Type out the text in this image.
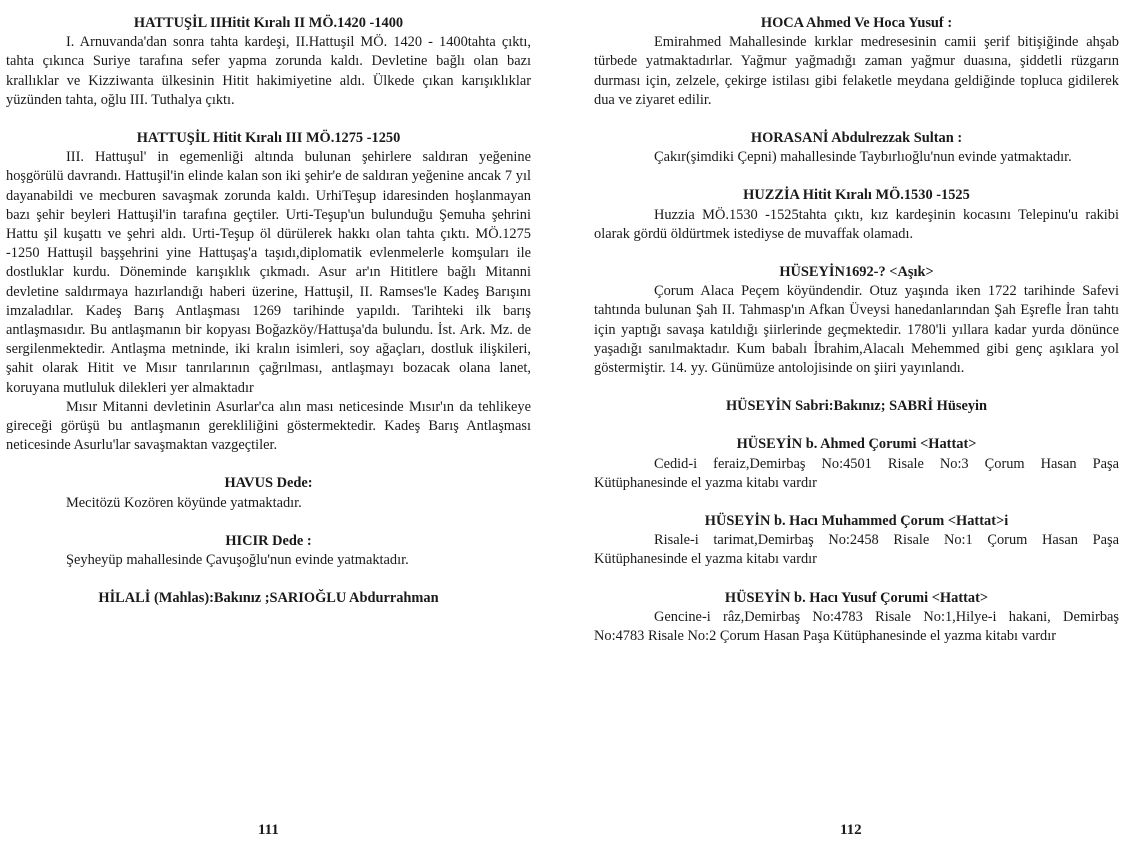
HATTUŞİL IIHitit Kıralı II MÖ.1420 -1400

I. Arnuvanda'dan sonra tahta kardeşi, II.Hattuşil MÖ. 1420 - 1400tahta çıktı, tahta çıkınca Suriye tarafına sefer yapma zorunda kaldı. Devletine bağlı olan bazı krallıklar ve Kizziwanta ülkesinin Hitit hakimiyetine aldı. Ülkede çıkan karışıklıklar yüzünden tahta, oğlu III. Tuthalya çıktı.

HATTUŞİL Hitit Kıralı III MÖ.1275 -1250

III. Hattuşul' in egemenliği altında bulunan şehirlere saldıran yeğenine hoşgörülü davrandı. Hattuşil'in elinde kalan son iki şehir'e de saldıran yeğenine ancak 7 yıl dayanabildi ve mecburen savaşmak zorunda kaldı. UrhiTeşup idaresinden hoşlanmayan bazı şehir beyleri Hattuşil'in tarafına geçtiler. Urti-Teşup'un bulunduğu Şemuha şehrini Hattu şil kuşattı ve şehri aldı. Urti-Teşup öl dürülerek hakkı olan tahta çıktı. MÖ.1275 -1250 Hattuşil başşehrini yine Hattuşaş'a taşıdı,diplomatik evlenmelerle komşuları ile dostluklar kurdu. Döneminde karışıklık çıkmadı. Asur ar'ın Hititlere bağlı Mitanni devletine saldırmaya hazırlandığı haberi üzerine, Hattuşil, II. Ramses'le Kadeş Barışını imzaladılar. Kadeş Barış Antlaşması 1269 tarihinde yapıldı. Tarihteki ilk barış antlaşmasıdır. Bu antlaşmanın bir kopyası Boğazköy/Hattuşa'da bulundu. İst. Ark. Mz. de sergilenmektedir. Antlaşma metninde, iki kralın isimleri, soy ağaçları, dostluk ilişkileri, şahit olarak Hitit ve Mısır tanrılarının çağrılması, antlaşmayı bozacak olana lanet, koruyana mutluluk dilekleri yer almaktadır

Mısır Mitanni devletinin Asurlar'ca alın ması neticesinde Mısır'ın da tehlikeye gireceği görüşü bu antlaşmanın gerekliliğini göstermektedir. Kadeş Barış Antlaşması neticesinde Asurlu'lar savaşmaktan vazgeçtiler.

HAVUS Dede:

Mecitözü Kozören köyünde yatmaktadır.

HICIR Dede :

Şeyheyüp mahallesinde Çavuşoğlu'nun evinde yatmaktadır.

HİLALİ (Mahlas):Bakınız ;SARIOĞLU Abdurrahman

HOCA Ahmed Ve Hoca Yusuf :

Emirahmed Mahallesinde kırklar medresesinin camii şerif bitişiğinde ahşab türbede yatmaktadırlar. Yağmur yağmadığı zaman yağmur duasına, şiddetli rüzgarın durması için, zelzele, çekirge istilası gibi felaketle meydana geldiğinde topluca gidilerek dua ve ziyaret edilir.

HORASANİ Abdulrezzak Sultan :

Çakır(şimdiki Çepni) mahallesinde Taybırlıoğlu'nun evinde yatmaktadır.

HUZZİA Hitit Kıralı MÖ.1530 -1525

Huzzia MÖ.1530 -1525tahta çıktı, kız kardeşinin kocasını Telepinu'u rakibi olarak gördü öldürtmek istediyse de muvaffak olamadı.

HÜSEYİN1692-? <Aşık>

Çorum Alaca Peçem köyündendir. Otuz yaşında iken 1722 tarihinde Safevi tahtında bulunan Şah II. Tahmasp'ın Afkan Üveysi hanedanlarından Şah Eşrefle İran tahtı için yaptığı savaşa katıldığı şiirlerinde geçmektedir. 1780'li yıllara kadar yurda dönünce yaşadığı sanılmaktadır. Kum babalı İbrahim,Alacalı Mehemmed gibi genç aşıklara yol göstermiştir. 14. yy. Günümüze antolojisinde on şiiri yayınlandı.

HÜSEYİN Sabri:Bakınız; SABRİ Hüseyin

HÜSEYİN b. Ahmed Çorumi <Hattat>

Cedid-i feraiz,Demirbaş No:4501 Risale No:3 Çorum Hasan Paşa Kütüphanesinde el yazma kitabı vardır

HÜSEYİN b. Hacı Muhammed Çorum <Hattat>i

Risale-i tarimat,Demirbaş No:2458 Risale No:1 Çorum Hasan Paşa Kütüphanesinde el yazma kitabı vardır

HÜSEYİN b. Hacı Yusuf Çorumi <Hattat>

Gencine-i râz,Demirbaş No:4783 Risale No:1,Hilye-i hakani, Demirbaş No:4783 Risale No:2 Çorum Hasan Paşa Kütüphanesinde el yazma kitabı vardır

111	112
